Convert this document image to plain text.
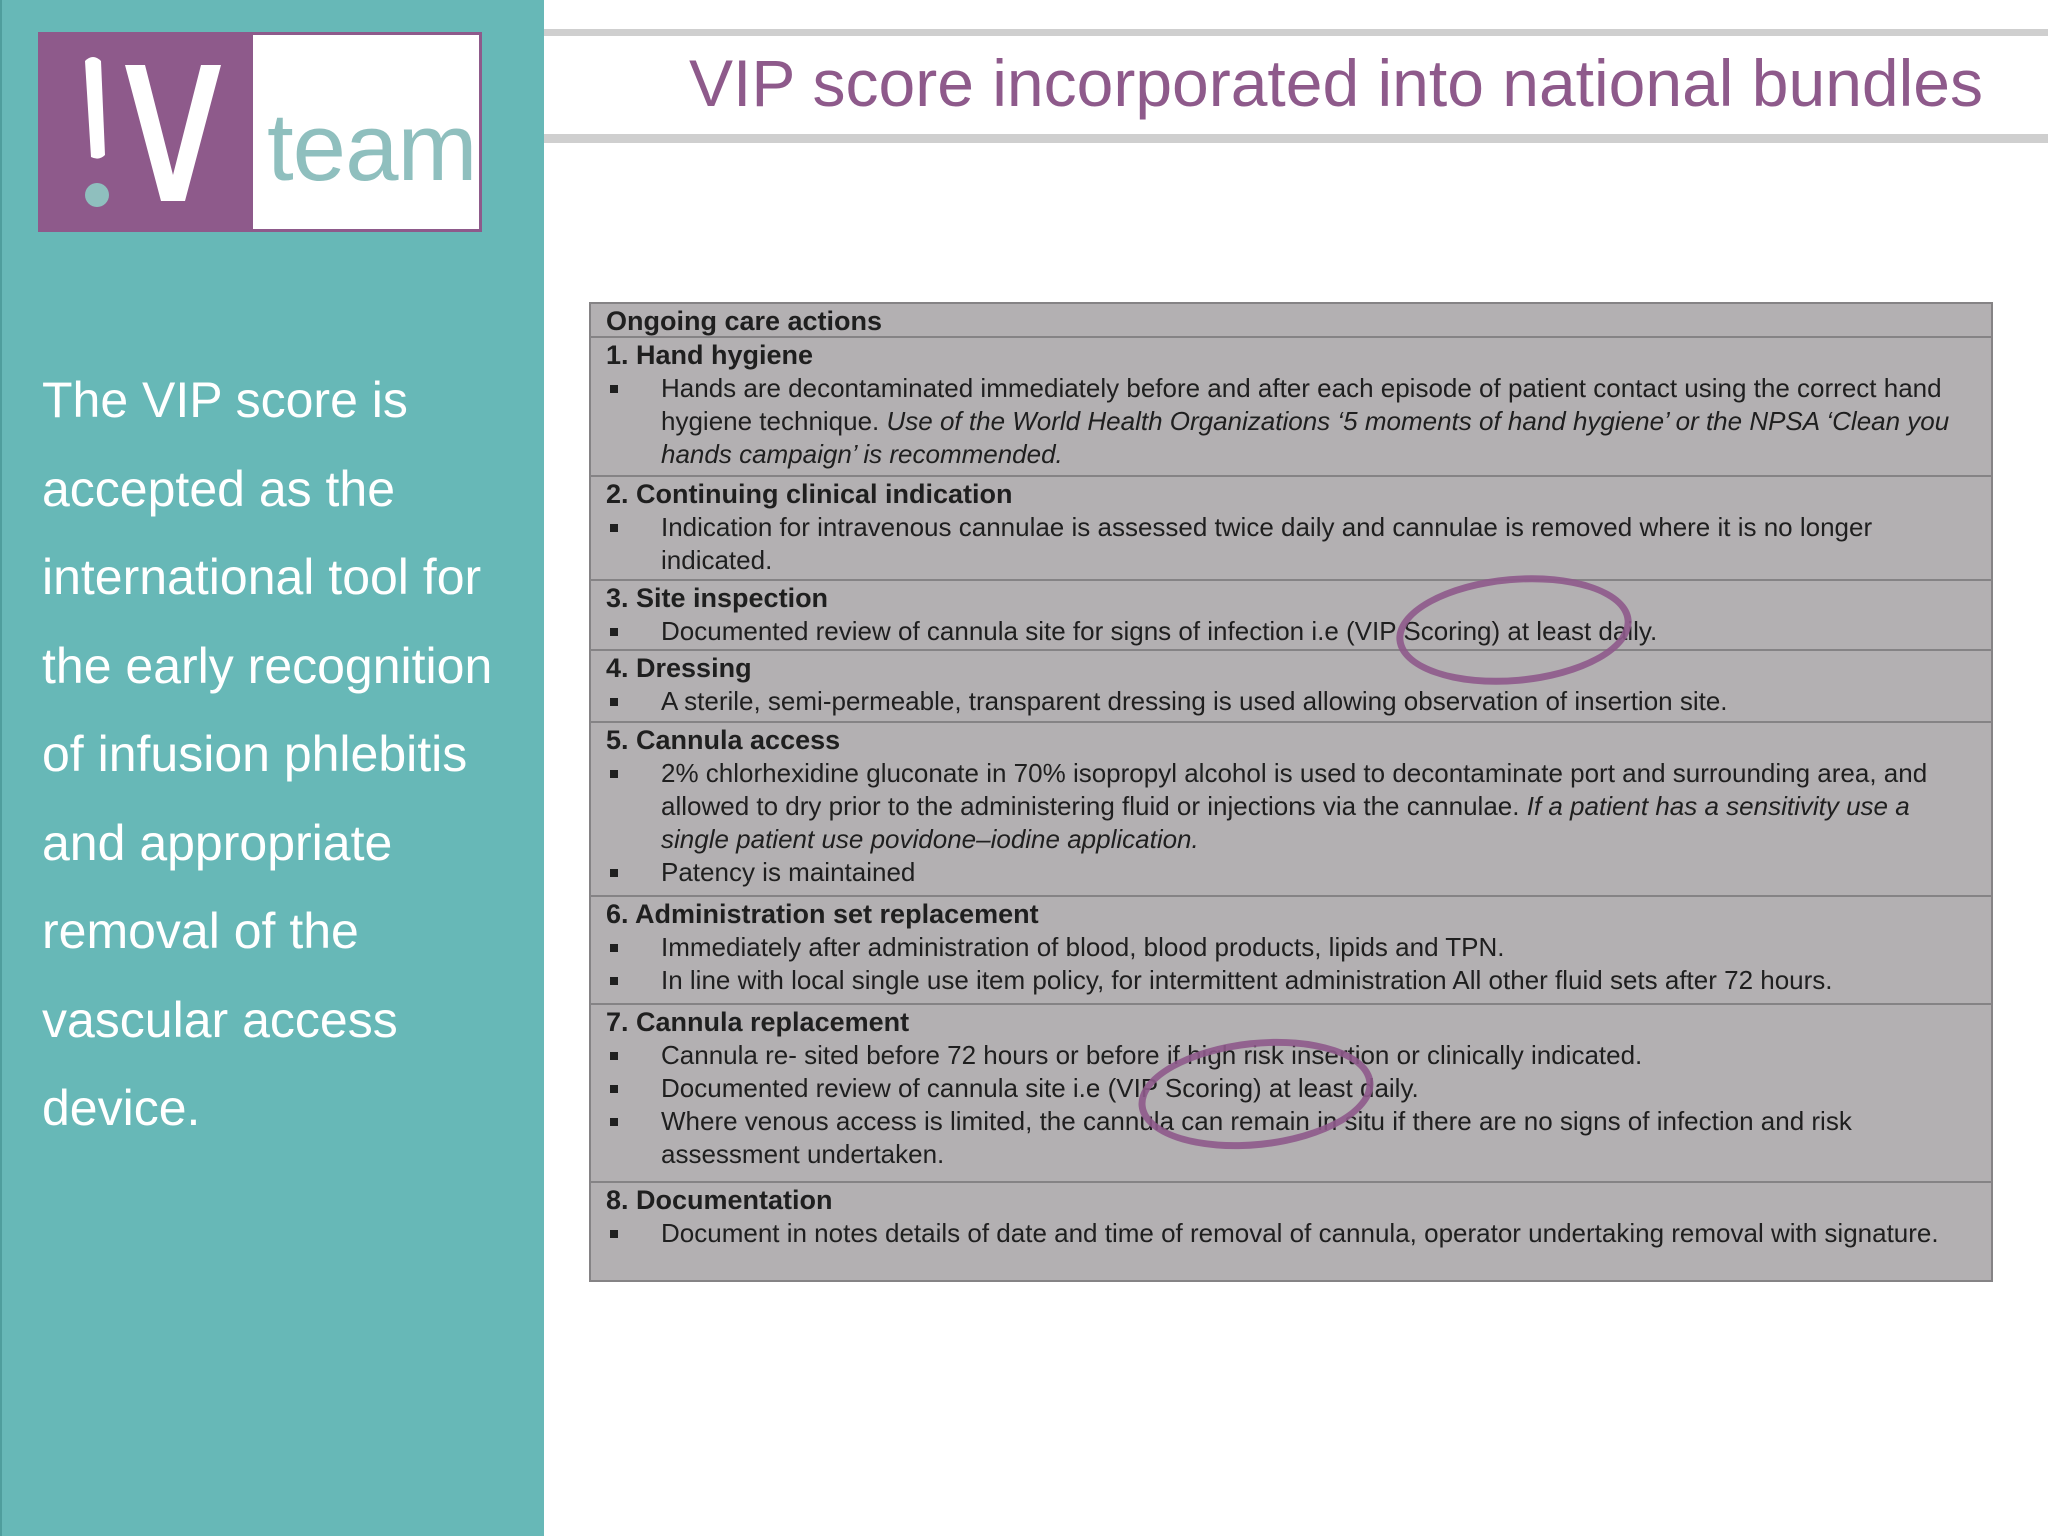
team
The VIP score is
accepted as the
international tool for
the early recognition
of infusion phlebitis
and appropriate
removal of the
vascular access
device.
VIP score incorporated into national bundles
Ongoing care actions
1. Hand hygiene
Hands are decontaminated immediately before and after each episode of patient contact using the correct hand hygiene technique. Use of the World Health Organizations ‘5 moments of hand hygiene’ or the NPSA ‘Clean you hands campaign’ is recommended.
2. Continuing clinical indication
Indication for intravenous cannulae is assessed twice daily and cannulae is removed where it is no longer indicated.
3. Site inspection
Documented review of cannula site for signs of infection i.e (VIP Scoring) at least daily.
4. Dressing
A sterile, semi-permeable, transparent dressing is used allowing observation of insertion site.
5. Cannula access
2% chlorhexidine gluconate in 70% isopropyl alcohol is used to decontaminate port and surrounding area, and allowed to dry prior to the administering fluid or injections via the cannulae. If a patient has a sensitivity use a single patient use povidone–iodine application.
Patency is maintained
6. Administration set replacement
Immediately after administration of blood, blood products, lipids and TPN.
In line with local single use item policy, for intermittent administration All other fluid sets after 72 hours.
7. Cannula replacement
Cannula re- sited before 72 hours or before if high risk insertion or clinically indicated.
Documented review of cannula site i.e (VIP Scoring) at least daily.
Where venous access is limited, the cannula can remain in situ if there are no signs of infection and risk assessment undertaken.
8. Documentation
Document in notes details of date and time of removal of cannula, operator undertaking removal with signature.
